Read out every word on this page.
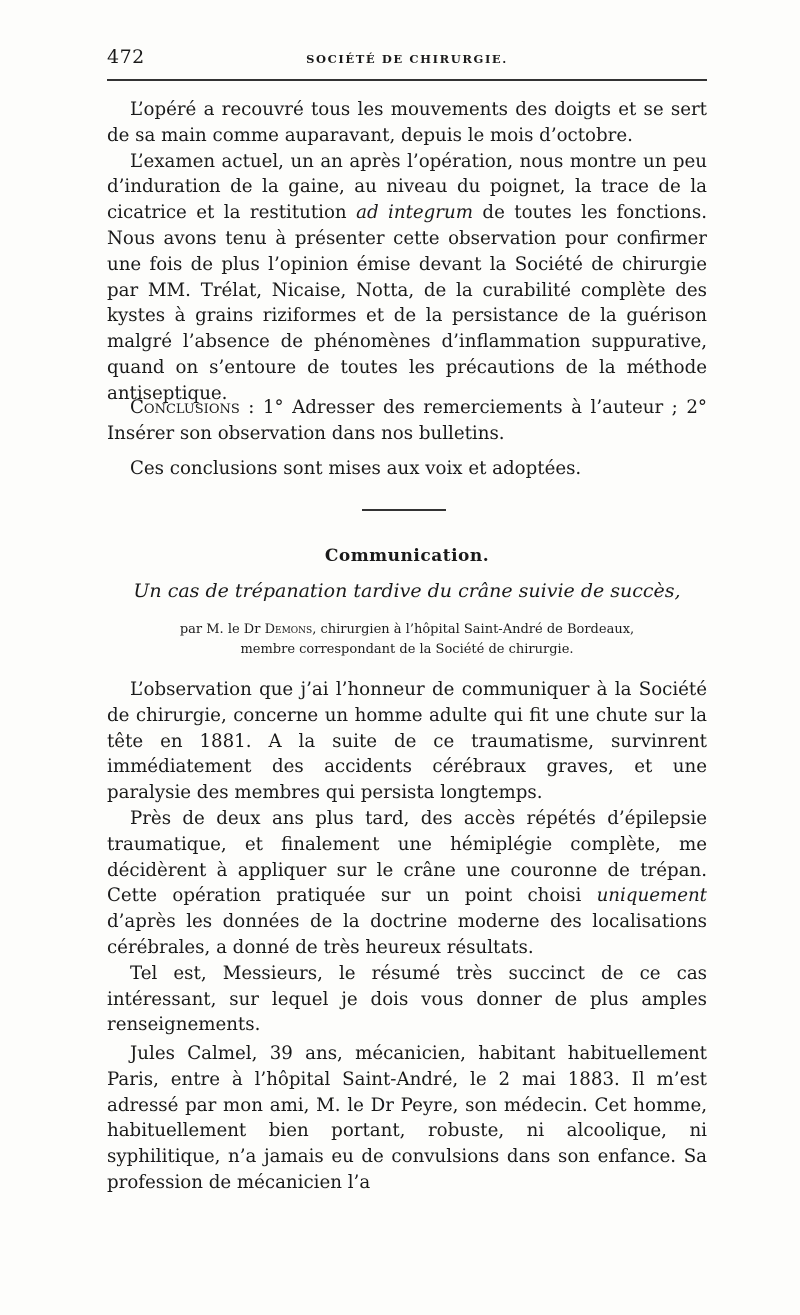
472	SOCIÉTÉ DE CHIRURGIE.

L’opéré a recouvré tous les mouvements des doigts et se sert de sa main comme auparavant, depuis le mois d’octobre.

L’examen actuel, un an après l’opération, nous montre un peu d’induration de la gaine, au niveau du poignet, la trace de la cicatrice et la restitution ad integrum de toutes les fonctions. Nous avons tenu à présenter cette observation pour confirmer une fois de plus l’opinion émise devant la Société de chirurgie par MM. Trélat, Nicaise, Notta, de la curabilité complète des kystes à grains riziformes et de la persistance de la guérison malgré l’absence de phénomènes d’inflammation suppurative, quand on s’entoure de toutes les précautions de la méthode antiseptique.

Conclusions : 1° Adresser des remerciements à l’auteur ; 2° Insérer son observation dans nos bulletins.

Ces conclusions sont mises aux voix et adoptées.

Communication.
Un cas de trépanation tardive du crâne suivie de succès,
par M. le Dr Demons, chirurgien à l’hôpital Saint-André de Bordeaux,
membre correspondant de la Société de chirurgie.

L’observation que j’ai l’honneur de communiquer à la Société de chirurgie, concerne un homme adulte qui fit une chute sur la tête en 1881. A la suite de ce traumatisme, survinrent immédiatement des accidents cérébraux graves, et une paralysie des membres qui persista longtemps.

Près de deux ans plus tard, des accès répétés d’épilepsie traumatique, et finalement une hémiplégie complète, me décidèrent à appliquer sur le crâne une couronne de trépan. Cette opération pratiquée sur un point choisi uniquement d’après les données de la doctrine moderne des localisations cérébrales, a donné de très heureux résultats.

Tel est, Messieurs, le résumé très succinct de ce cas intéressant, sur lequel je dois vous donner de plus amples renseignements.

Jules Calmel, 39 ans, mécanicien, habitant habituellement Paris, entre à l’hôpital Saint-André, le 2 mai 1883. Il m’est adressé par mon ami, M. le Dr Peyre, son médecin. Cet homme, habituellement bien portant, robuste, ni alcoolique, ni syphilitique, n’a jamais eu de convulsions dans son enfance. Sa profession de mécanicien l’a
